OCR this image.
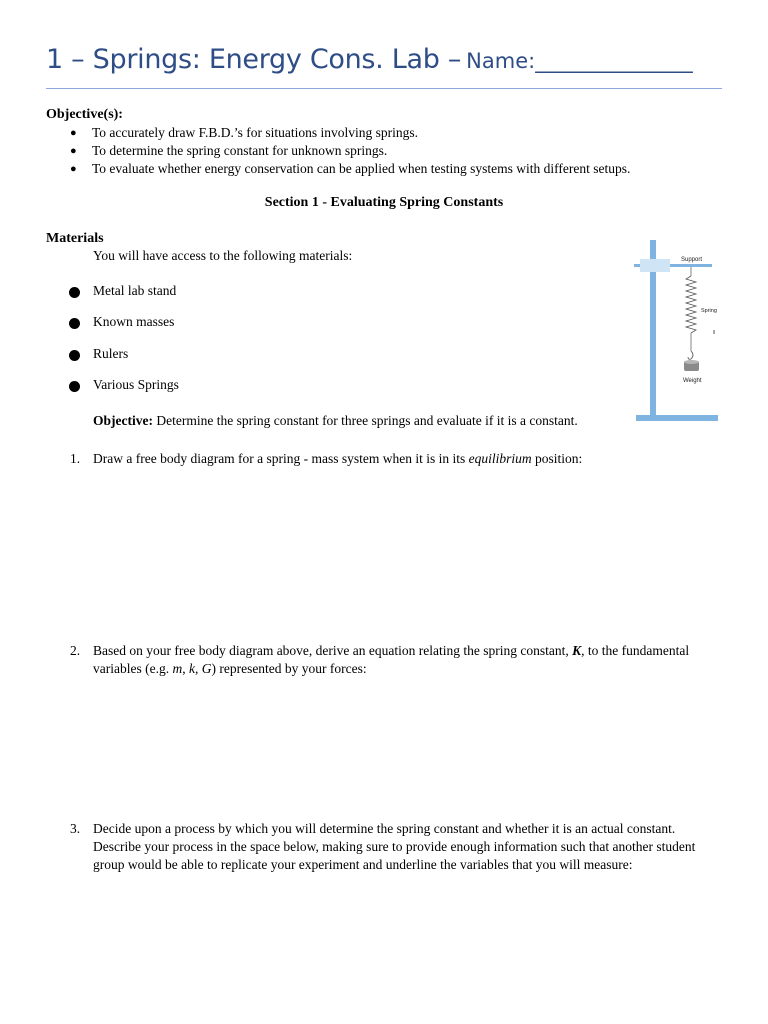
1 – Springs: Energy Cons. Lab – Name:_______________
Objective(s):
● To accurately draw F.B.D.’s for situations involving springs.
● To determine the spring constant for unknown springs.
● To evaluate whether energy conservation can be applied when testing systems with different setups.
Section 1 - Evaluating Spring Constants
Materials
You will have access to the following materials:
Metal lab stand
Known masses
Rulers
Various Springs
Objective: Determine the spring constant for three springs and evaluate if it is a constant.
Support
Spring
Weight
1. Draw a free body diagram for a spring - mass system when it is in its equilibrium position:
2. Based on your free body diagram above, derive an equation relating the spring constant, K, to the fundamental variables (e.g. m, k, G) represented by your forces:
3. Decide upon a process by which you will determine the spring constant and whether it is an actual constant. Describe your process in the space below, making sure to provide enough information such that another student group would be able to replicate your experiment and underline the variables that you will measure:
